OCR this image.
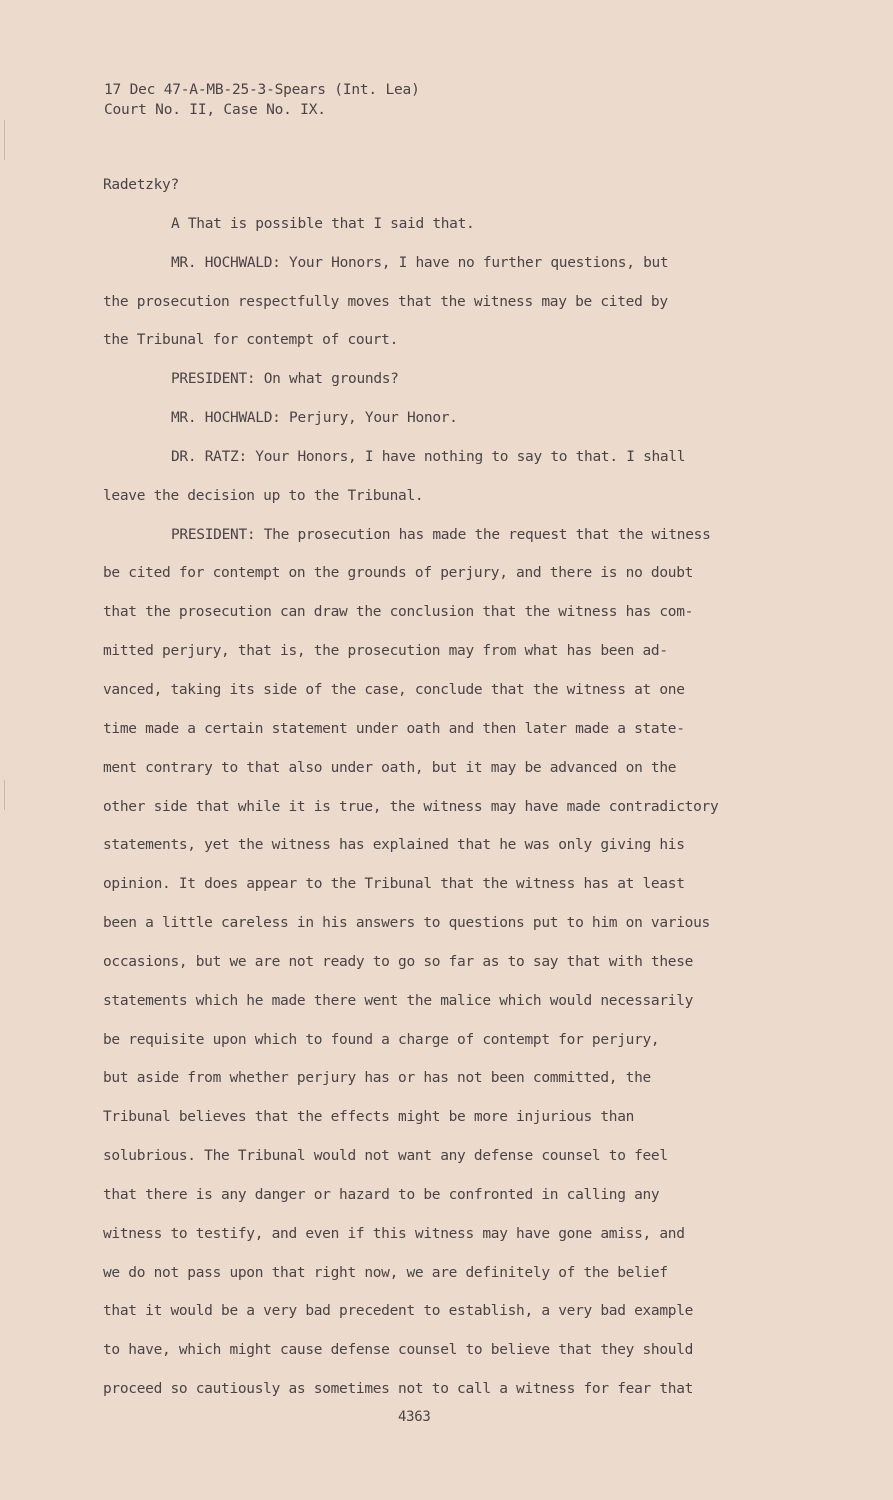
17 Dec 47-A-MB-25-3-Spears (Int. Lea)
Court No. II, Case No. IX.
Radetzky?
A That is possible that I said that.
MR. HOCHWALD: Your Honors, I have no further questions, but
the prosecution respectfully moves that the witness may be cited by
the Tribunal for contempt of court.
PRESIDENT: On what grounds?
MR. HOCHWALD: Perjury, Your Honor.
DR. RATZ: Your Honors, I have nothing to say to that. I shall
leave the decision up to the Tribunal.
PRESIDENT: The prosecution has made the request that the witness
be cited for contempt on the grounds of perjury, and there is no doubt
that the prosecution can draw the conclusion that the witness has com-
mitted perjury, that is, the prosecution may from what has been ad-
vanced, taking its side of the case, conclude that the witness at one
time made a certain statement under oath and then later made a state-
ment contrary to that also under oath, but it may be advanced on the
other side that while it is true, the witness may have made contradictory
statements, yet the witness has explained that he was only giving his
opinion. It does appear to the Tribunal that the witness has at least
been a little careless in his answers to questions put to him on various
occasions, but we are not ready to go so far as to say that with these
statements which he made there went the malice which would necessarily
be requisite upon which to found a charge of contempt for perjury,
but aside from whether perjury has or has not been committed, the
Tribunal believes that the effects might be more injurious than
solubrious. The Tribunal would not want any defense counsel to feel
that there is any danger or hazard to be confronted in calling any
witness to testify, and even if this witness may have gone amiss, and
we do not pass upon that right now, we are definitely of the belief
that it would be a very bad precedent to establish, a very bad example
to have, which might cause defense counsel to believe that they should
proceed so cautiously as sometimes not to call a witness for fear that
4363
